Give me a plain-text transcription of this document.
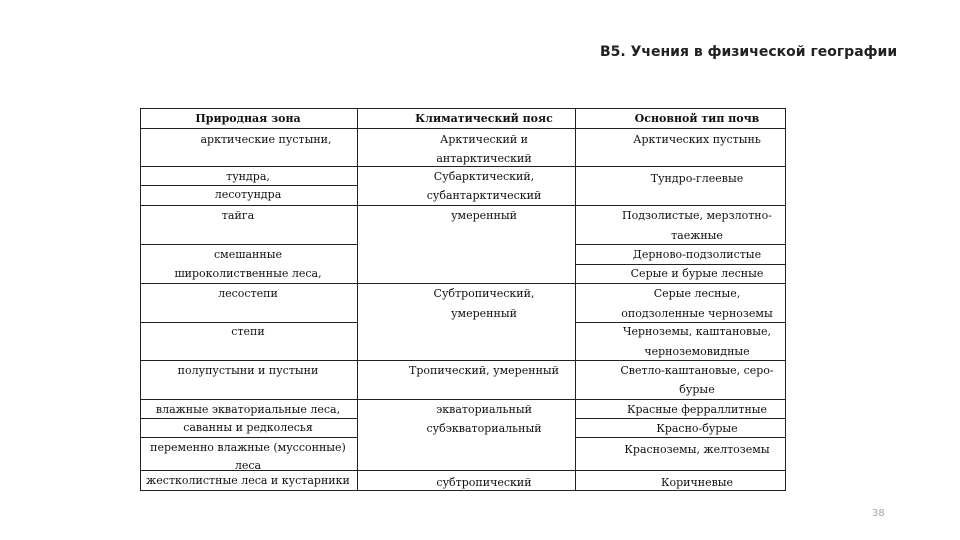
B5. Учения в физической географии
Природная зона	Климатический пояс	Основной тип почв
арктические пустыни,
тундра,
лесотундра
тайга
смешанные
широколиственные леса,
лесостепи
степи
полупустыни и пустыни
влажные экваториальные леса,
саванны и редколесья
переменно влажные (муссонные)
леса
жестколистные леса и кустарники
Арктический и
антарктический
Субарктический,
субантарктический
умеренный
Субтропический,
умеренный
Тропический, умеренный
экваториальный
субэкваториальный
субтропический
Арктических пустынь
Тундро-глеевые
Подзолистые, мерзлотно-
таежные
Дерново-подзолистые
Серые и бурые лесные
Серые лесные,
оподзоленные черноземы
Черноземы, каштановые,
черноземовидные
Светло-каштановые, серо-
бурые
Красные ферраллитные
Красно-бурые
Красноземы, желтоземы
Коричневые
38
